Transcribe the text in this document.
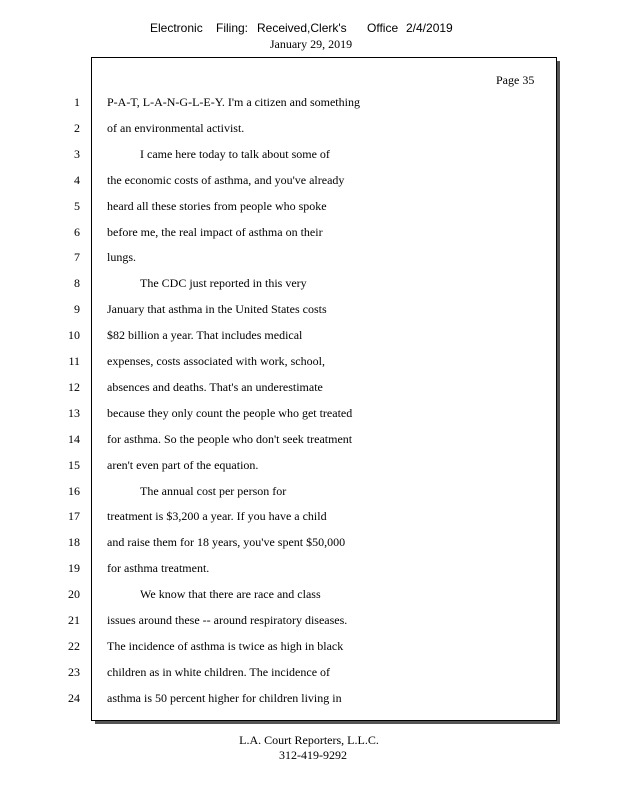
Electronic Filing: Received,Clerk's Office 2/4/2019
January 29, 2019
Page 35
1 P-A-T, L-A-N-G-L-E-Y. I'm a citizen and something
2 of an environmental activist.
3	I came here today to talk about some of
4 the economic costs of asthma, and you've already
5 heard all these stories from people who spoke
6 before me, the real impact of asthma on their
7 lungs.
8	The CDC just reported in this very
9 January that asthma in the United States costs
10 $82 billion a year. That includes medical
11 expenses, costs associated with work, school,
12 absences and deaths. That's an underestimate
13 because they only count the people who get treated
14 for asthma. So the people who don't seek treatment
15 aren't even part of the equation.
16	The annual cost per person for
17 treatment is $3,200 a year. If you have a child
18 and raise them for 18 years, you've spent $50,000
19 for asthma treatment.
20	We know that there are race and class
21 issues around these -- around respiratory diseases.
22 The incidence of asthma is twice as high in black
23 children as in white children. The incidence of
24 asthma is 50 percent higher for children living in
L.A. Court Reporters, L.L.C.
312-419-9292
